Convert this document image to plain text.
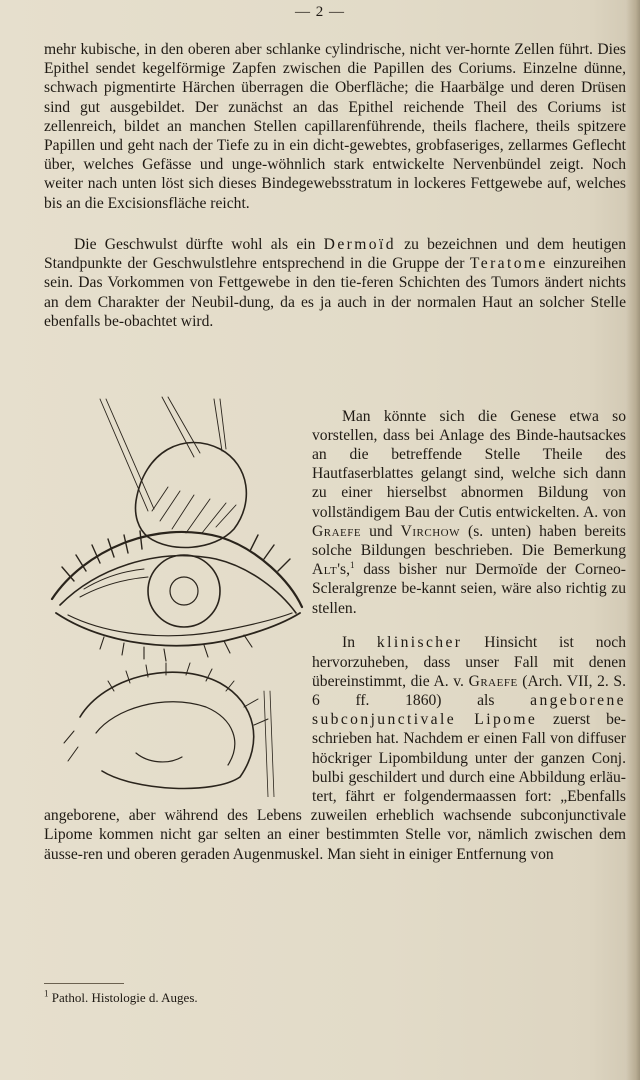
— 2 —

mehr kubische, in den oberen aber schlanke cylindrische, nicht ver-hornte Zellen führt. Dies Epithel sendet kegelförmige Zapfen zwischen die Papillen des Coriums. Einzelne dünne, schwach pigmentirte Härchen überragen die Oberfläche; die Haarbälge und deren Drüsen sind gut ausgebildet. Der zunächst an das Epithel reichende Theil des Coriums ist zellenreich, bildet an manchen Stellen capillarenführende, theils flachere, theils spitzere Papillen und geht nach der Tiefe zu in ein dicht-gewebtes, grobfaseriges, zellarmes Geflecht über, welches Gefässe und unge-wöhnlich stark entwickelte Nervenbündel zeigt. Noch weiter nach unten löst sich dieses Bindegewebsstratum in lockeres Fettgewebe auf, welches bis an die Excisionsfläche reicht.

Die Geschwulst dürfte wohl als ein Dermoïd zu bezeichnen und dem heutigen Standpunkte der Geschwulstlehre entsprechend in die Gruppe der Teratome einzureihen sein. Das Vorkommen von Fettgewebe in den tie-feren Schichten des Tumors ändert nichts an dem Charakter der Neubil-dung, da es ja auch in der normalen Haut an solcher Stelle ebenfalls be-obachtet wird.

Man könnte sich die Genese etwa so vorstellen, dass bei Anlage des Binde-hautsackes an die betreffende Stelle Theile des Hautfaserblattes gelangt sind, welche sich dann zu einer hierselbst abnormen Bildung von vollständigem Bau der Cutis entwickelten. A. von Graefe und Virchow (s. unten) haben bereits solche Bildungen beschrieben. Die Bemerkung Alt's,$^1$ dass bisher nur Dermoïde der Corneo-Scleralgrenze be-kannt seien, wäre also richtig zu stellen.

In klinischer Hinsicht ist noch hervorzuheben, dass unser Fall mit denen übereinstimmt, die A. v. Graefe (Arch. VII, 2. S. 6 ff. 1860) als angeborene subconjunctivale Lipome zuerst be-schrieben hat. Nachdem er einen Fall von diffuser höckriger Lipombildung unter der ganzen Conj. bulbi geschildert und durch eine Abbildung erläu-tert, fährt er folgendermaassen fort: „Ebenfalls angeborene, aber während des Lebens zuweilen erheblich wachsende subconjunctivale Lipome kommen nicht gar selten an einer bestimmten Stelle vor, nämlich zwischen dem äusse-ren und oberen geraden Augenmuskel. Man sieht in einiger Entfernung von

$^1$ Pathol. Histologie d. Auges.
